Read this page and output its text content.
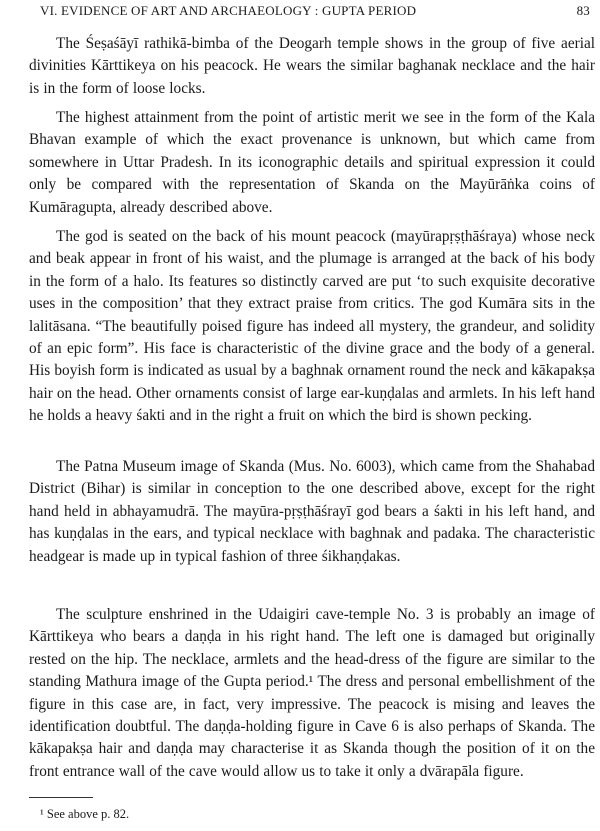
VI. EVIDENCE OF ART AND ARCHAEOLOGY : GUPTA PERIOD	83

The Śeṣaśāyī rathikā-bimba of the Deogarh temple shows in the group of five aerial divinities Kārttikeya on his peacock. He wears the similar baghanak necklace and the hair is in the form of loose locks.

The highest attainment from the point of artistic merit we see in the form of the Kala Bhavan example of which the exact provenance is unknown, but which came from somewhere in Uttar Pradesh. In its iconographic details and spiritual expression it could only be compared with the representation of Skanda on the Mayūrāṅka coins of Kumāragupta, already described above.

The god is seated on the back of his mount peacock (mayūrapṛṣṭhāśraya) whose neck and beak appear in front of his waist, and the plumage is arranged at the back of his body in the form of a halo. Its features so distinctly carved are put ‘to such exquisite decorative uses in the composition’ that they extract praise from critics. The god Kumāra sits in the lalitāsana. “The beautifully poised figure has indeed all mystery, the grandeur, and solidity of an epic form”. His face is characteristic of the divine grace and the body of a general. His boyish form is indicated as usual by a baghnak ornament round the neck and kākapakṣa hair on the head. Other ornaments consist of large ear-kuṇḍalas and armlets. In his left hand he holds a heavy śakti and in the right a fruit on which the bird is shown pecking.

The Patna Museum image of Skanda (Mus. No. 6003), which came from the Shahabad District (Bihar) is similar in conception to the one described above, except for the right hand held in abhayamudrā. The mayūra-pṛṣṭhāśrayī god bears a śakti in his left hand, and has kuṇḍalas in the ears, and typical necklace with baghnak and padaka. The characteristic headgear is made up in typical fashion of three śikhaṇḍakas.

The sculpture enshrined in the Udaigiri cave-temple No. 3 is probably an image of Kārttikeya who bears a daṇḍa in his right hand. The left one is damaged but originally rested on the hip. The necklace, armlets and the head-dress of the figure are similar to the standing Mathura image of the Gupta period.¹ The dress and personal embellishment of the figure in this case are, in fact, very impressive. The peacock is mising and leaves the identification doubtful. The daṇḍa-holding figure in Cave 6 is also perhaps of Skanda. The kākapakṣa hair and daṇḍa may characterise it as Skanda though the position of it on the front entrance wall of the cave would allow us to take it only a dvārapāla figure.

¹ See above p. 82.
